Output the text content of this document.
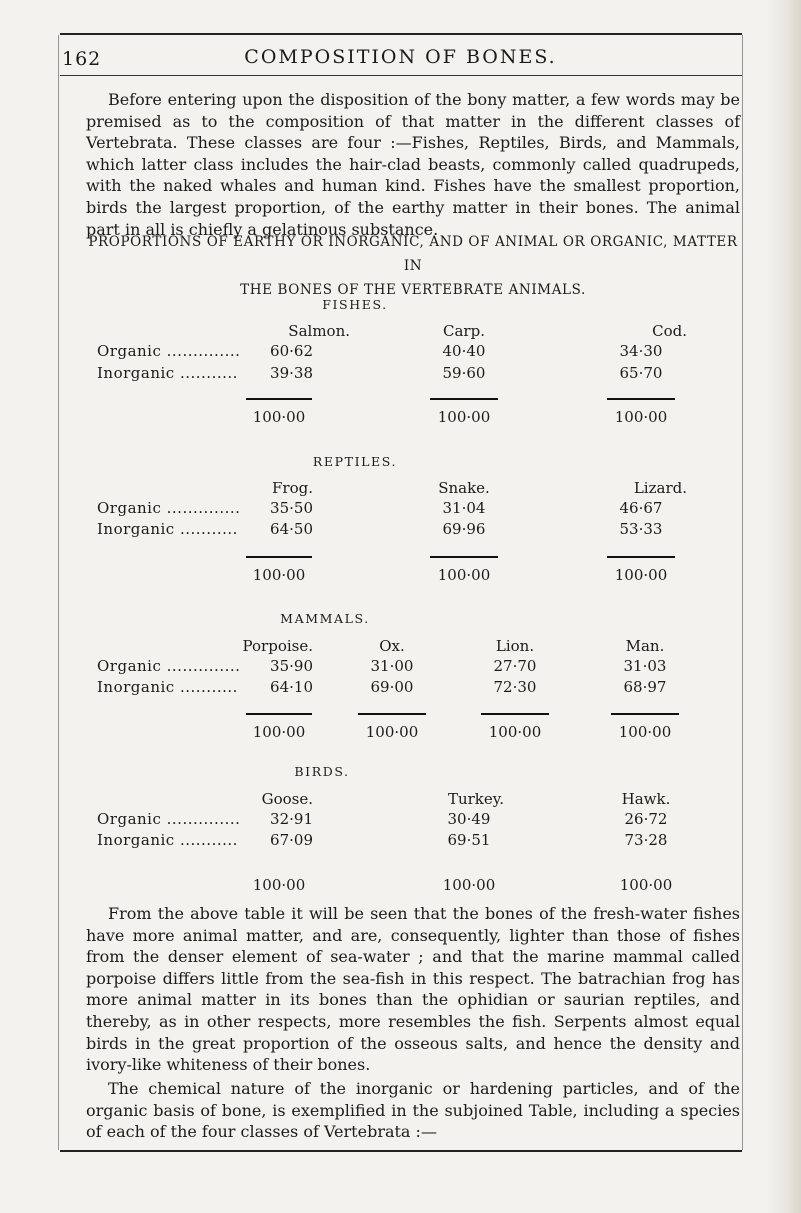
162	COMPOSITION OF BONES.

Before entering upon the disposition of the bony matter, a few words may be premised as to the composition of that matter in the different classes of Vertebrata. These classes are four :—Fishes, Reptiles, Birds, and Mammals, which latter class includes the hair-clad beasts, commonly called quadrupeds, with the naked whales and human kind. Fishes have the smallest proportion, birds the largest proportion, of the earthy matter in their bones. The animal part in all is chiefly a gelatinous substance.

PROPORTIONS OF EARTHY OR INORGANIC, AND OF ANIMAL OR ORGANIC, MATTER IN
THE BONES OF THE VERTEBRATE ANIMALS.
FISHES.
Salmon.	Carp.	Cod.
Organic ..............	60·62	40·40	34·30
Inorganic ...........	39·38	59·60	65·70
100·00	100·00	100·00
REPTILES.
Frog.	Snake.	Lizard.
Organic ..............	35·50	31·04	46·67
Inorganic ...........	64·50	69·96	53·33
100·00	100·00	100·00
MAMMALS.
Porpoise.	Ox.	Lion.	Man.
Organic ..............	35·90	31·00	27·70	31·03
Inorganic ...........	64·10	69·00	72·30	68·97
100·00	100·00	100·00	100·00
BIRDS.
Goose.	Turkey.	Hawk.
Organic ..............	32·91	30·49	26·72
Inorganic ...........	67·09	69·51	73·28
100·00	100·00	100·00

From the above table it will be seen that the bones of the fresh-water fishes have more animal matter, and are, consequently, lighter than those of fishes from the denser element of sea-water ; and that the marine mammal called porpoise differs little from the sea-fish in this respect. The batrachian frog has more animal matter in its bones than the ophidian or saurian reptiles, and thereby, as in other respects, more resembles the fish. Serpents almost equal birds in the great proportion of the osseous salts, and hence the density and ivory-like whiteness of their bones.

The chemical nature of the inorganic or hardening particles, and of the organic basis of bone, is exemplified in the subjoined Table, including a species of each of the four classes of Vertebrata :—
